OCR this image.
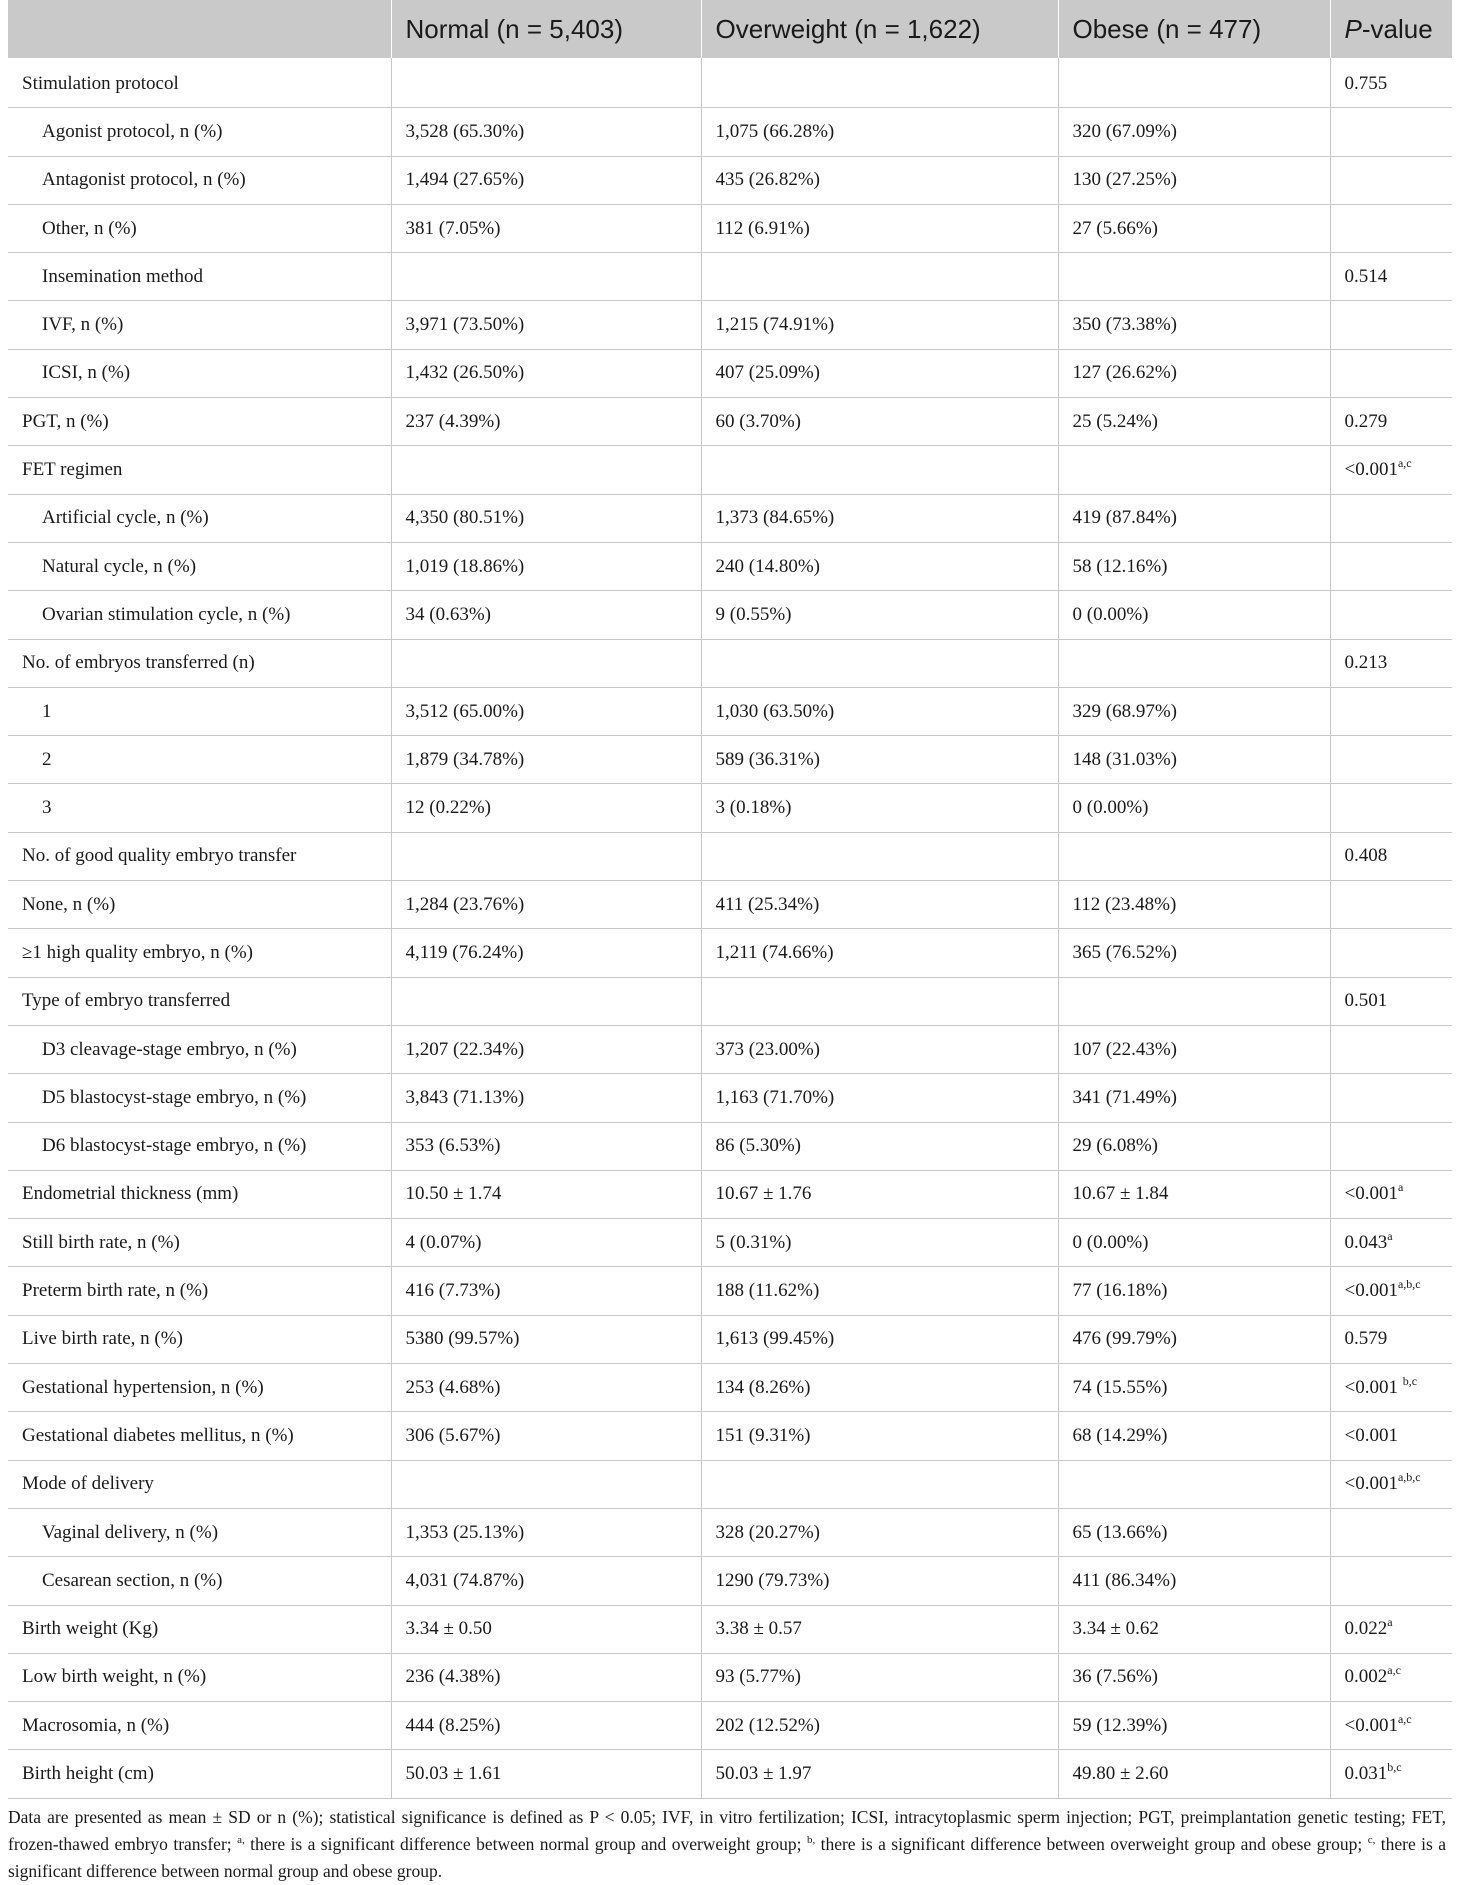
	Normal (n = 5,403)	Overweight (n = 1,622)	Obese (n = 477)	P-value
Stimulation protocol				0.755
Agonist protocol, n (%)	3,528 (65.30%)	1,075 (66.28%)	320 (67.09%)	
Antagonist protocol, n (%)	1,494 (27.65%)	435 (26.82%)	130 (27.25%)	
Other, n (%)	381 (7.05%)	112 (6.91%)	27 (5.66%)	
Insemination method				0.514
IVF, n (%)	3,971 (73.50%)	1,215 (74.91%)	350 (73.38%)	
ICSI, n (%)	1,432 (26.50%)	407 (25.09%)	127 (26.62%)	
PGT, n (%)	237 (4.39%)	60 (3.70%)	25 (5.24%)	0.279
FET regimen				$<0.001^{a,c}$
Artificial cycle, n (%)	4,350 (80.51%)	1,373 (84.65%)	419 (87.84%)	
Natural cycle, n (%)	1,019 (18.86%)	240 (14.80%)	58 (12.16%)	
Ovarian stimulation cycle, n (%)	34 (0.63%)	9 (0.55%)	0 (0.00%)	
No. of embryos transferred (n)				0.213
1	3,512 (65.00%)	1,030 (63.50%)	329 (68.97%)	
2	1,879 (34.78%)	589 (36.31%)	148 (31.03%)	
3	12 (0.22%)	3 (0.18%)	0 (0.00%)	
No. of good quality embryo transfer				0.408
None, n (%)	1,284 (23.76%)	411 (25.34%)	112 (23.48%)	
≥1 high quality embryo, n (%)	4,119 (76.24%)	1,211 (74.66%)	365 (76.52%)	
Type of embryo transferred				0.501
D3 cleavage-stage embryo, n (%)	1,207 (22.34%)	373 (23.00%)	107 (22.43%)	
D5 blastocyst-stage embryo, n (%)	3,843 (71.13%)	1,163 (71.70%)	341 (71.49%)	
D6 blastocyst-stage embryo, n (%)	353 (6.53%)	86 (5.30%)	29 (6.08%)	
Endometrial thickness (mm)	10.50 ± 1.74	10.67 ± 1.76	10.67 ± 1.84	<0.001$^a$
Still birth rate, n (%)	4 (0.07%)	5 (0.31%)	0 (0.00%)	0.043$^a$
Preterm birth rate, n (%)	416 (7.73%)	188 (11.62%)	77 (16.18%)	$<0.001^{a,b,c}$
Live birth rate, n (%)	5380 (99.57%)	1,613 (99.45%)	476 (99.79%)	0.579
Gestational hypertension, n (%)	253 (4.68%)	134 (8.26%)	74 (15.55%)	<0.001 $^{b,c}$
Gestational diabetes mellitus, n (%)	306 (5.67%)	151 (9.31%)	68 (14.29%)	<0.001
Mode of delivery				$<0.001^{a,b,c}$
Vaginal delivery, n (%)	1,353 (25.13%)	328 (20.27%)	65 (13.66%)	
Cesarean section, n (%)	4,031 (74.87%)	1290 (79.73%)	411 (86.34%)	
Birth weight (Kg)	3.34 ± 0.50	3.38 ± 0.57	3.34 ± 0.62	0.022$^a$
Low birth weight, n (%)	236 (4.38%)	93 (5.77%)	36 (7.56%)	0.002$^{a,c}$
Macrosomia, n (%)	444 (8.25%)	202 (12.52%)	59 (12.39%)	$<0.001^{a,c}$
Birth height (cm)	50.03 ± 1.61	50.03 ± 1.97	49.80 ± 2.60	0.031$^{b,c}$

Data are presented as mean ± SD or n (%); statistical significance is defined as P < 0.05; IVF, in vitro fertilization; ICSI, intracytoplasmic sperm injection; PGT, preimplantation genetic testing; FET, frozen-thawed embryo transfer; $^{a,}$ there is a significant difference between normal group and overweight group; $^{b,}$ there is a significant difference between overweight group and obese group; $^{c,}$ there is a significant difference between normal group and obese group.
